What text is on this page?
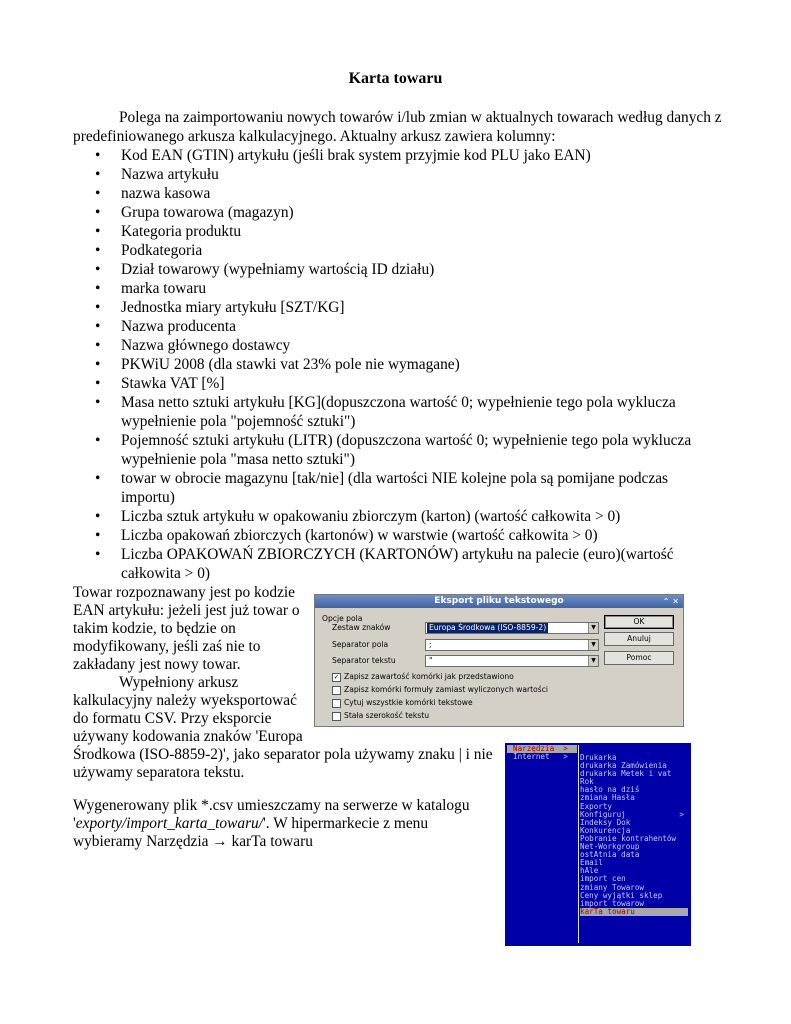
Karta towaru
Polega na zaimportowaniu nowych towarów i/lub zmian w aktualnych towarach według danych z predefiniowanego arkusza kalkulacyjnego. Aktualny arkusz zawiera kolumny:
• Kod EAN (GTIN) artykułu (jeśli brak system przyjmie kod PLU jako EAN)
• Nazwa artykułu
• nazwa kasowa
• Grupa towarowa (magazyn)
• Kategoria produktu
• Podkategoria
• Dział towarowy (wypełniamy wartością ID działu)
• marka towaru
• Jednostka miary artykułu [SZT/KG]
• Nazwa producenta
• Nazwa głównego dostawcy
• PKWiU 2008 (dla stawki vat 23% pole nie wymagane)
• Stawka VAT [%]
• Masa netto sztuki artykułu [KG](dopuszczona wartość 0; wypełnienie tego pola wyklucza wypełnienie pola "pojemność sztuki")
• Pojemność sztuki artykułu (LITR) (dopuszczona wartość 0; wypełnienie tego pola wyklucza wypełnienie pola "masa netto sztuki")
• towar w obrocie magazynu [tak/nie] (dla wartości NIE kolejne pola są pomijane podczas importu)
• Liczba sztuk artykułu w opakowaniu zbiorczym (karton) (wartość całkowita > 0)
• Liczba opakowań zbiorczych (kartonów) w warstwie (wartość całkowita > 0)
• Liczba OPAKOWAŃ ZBIORCZYCH (KARTONÓW) artykułu na palecie (euro)(wartość całkowita > 0)
Towar rozpoznawany jest po kodzie EAN artykułu: jeżeli jest już towar o takim kodzie, to będzie on modyfikowany, jeśli zaś nie to zakładany jest nowy towar.
Wypełniony arkusz kalkulacyjny należy wyeksportować do formatu CSV. Przy eksporcie używany kodowania znaków 'Europa
Środkowa (ISO-8859-2)', jako separator pola używamy znaku | i nie używamy separatora tekstu.
Wygenerowany plik *.csv umieszczamy na serwerze w katalogu 'exporty/import_karta_towaru/'. W hipermarkecie z menu wybieramy Narzędzia → karTa towaru
Eksport pliku tekstowego	⌃ ✕
Opcje pola
Zestaw znaków	Europa Środkowa (ISO-8859-2)	▼
Separator pola	;	▼
Separator tekstu	"	▼
✓ Zapisz zawartość komórki jak przedstawiono
Zapisz komórki formuły zamiast wyliczonych wartości
Cytuj wszystkie komórki tekstowe
Stała szerokość tekstu
OK
Anuluj
Pomoc
Narzędzia  >
Internet   >	Drukarka
drukarka Zamówienia
drukarka Metek i vat
Rok
hasło na dziś
zmiana Hasła
Exporty
Konfiguruj	>
Indeksy Dok
Konkurencja
Pobranie kontrahentów
Net-Workgroup
ostAtnia data
Email
hAle
import cen
zmiany Towarow
Ceny wyjątki sklep
import towarow
karTa towaru
